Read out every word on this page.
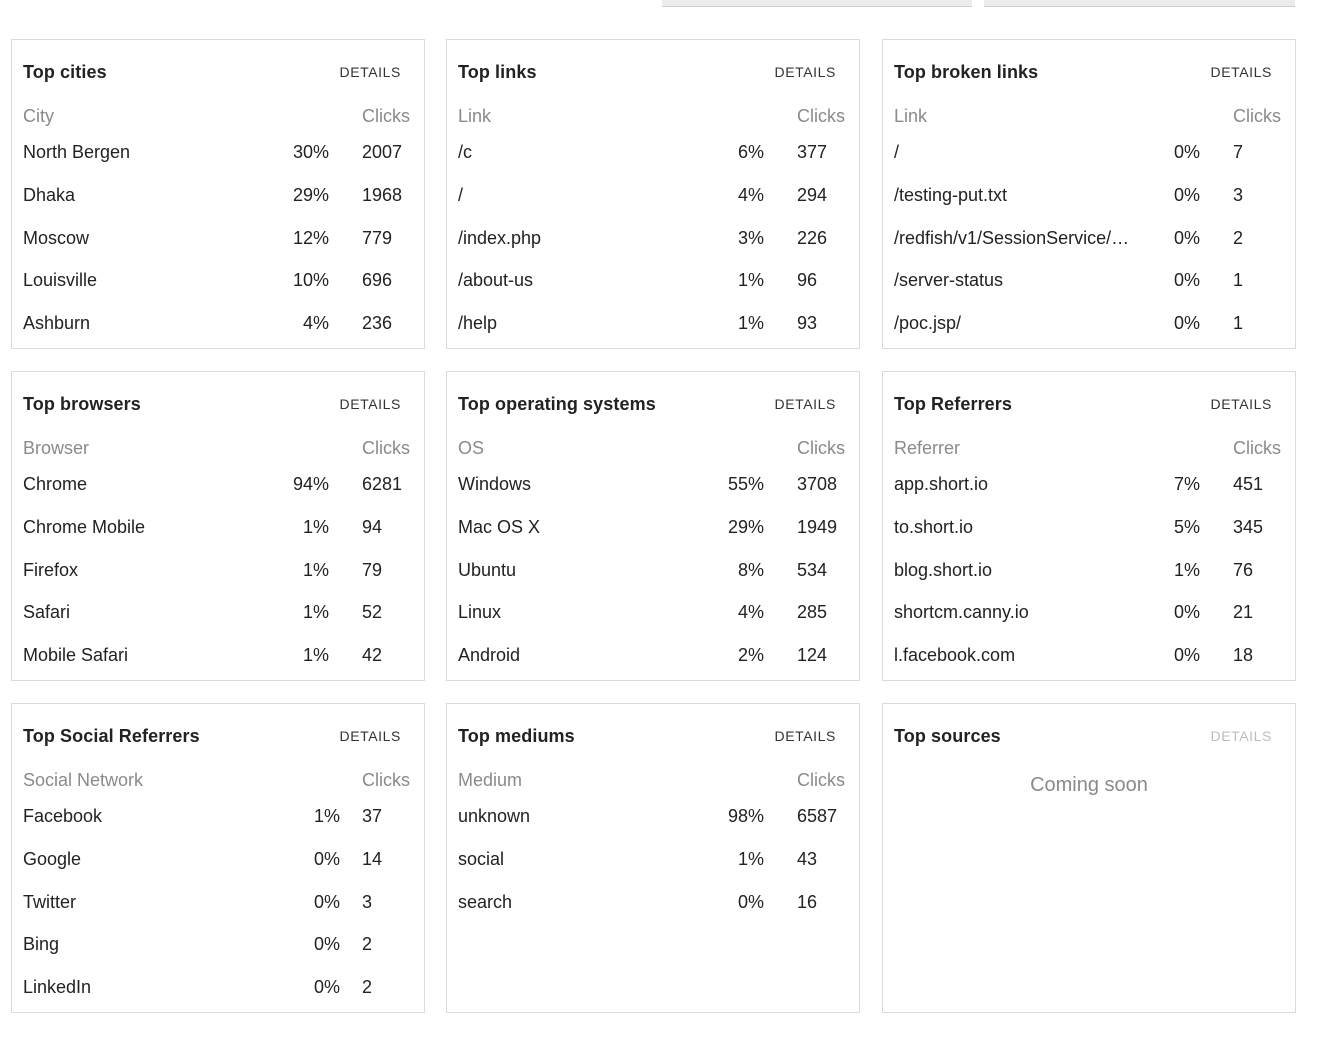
Top cities	DETAILS
City	Clicks
North Bergen	30% 2007
Dhaka	29% 1968
Moscow	12% 779
Louisville	10% 696
Ashburn	4% 236
Top links	DETAILS
Link	Clicks
/c	6% 377
/	4% 294
/index.php	3% 226
/about-us	1% 96
/help	1% 93
Top broken links	DETAILS
Link	Clicks
/	0% 7
/testing-put.txt	0% 3
/redfish/v1/SessionService/…	0% 2
/server-status	0% 1
/poc.jsp/	0% 1
Top browsers	DETAILS
Browser	Clicks
Chrome	94% 6281
Chrome Mobile	1% 94
Firefox	1% 79
Safari	1% 52
Mobile Safari	1% 42
Top operating systems	DETAILS
OS	Clicks
Windows	55% 3708
Mac OS X	29% 1949
Ubuntu	8% 534
Linux	4% 285
Android	2% 124
Top Referrers	DETAILS
Referrer	Clicks
app.short.io	7% 451
to.short.io	5% 345
blog.short.io	1% 76
shortcm.canny.io	0% 21
l.facebook.com	0% 18
Top Social Referrers	DETAILS
Social Network	Clicks
Facebook	1% 37
Google	0% 14
Twitter	0% 3
Bing	0% 2
LinkedIn	0% 2
Top mediums	DETAILS
Medium	Clicks
unknown	98% 6587
social	1% 43
search	0% 16
Top sources	DETAILS
Coming soon
